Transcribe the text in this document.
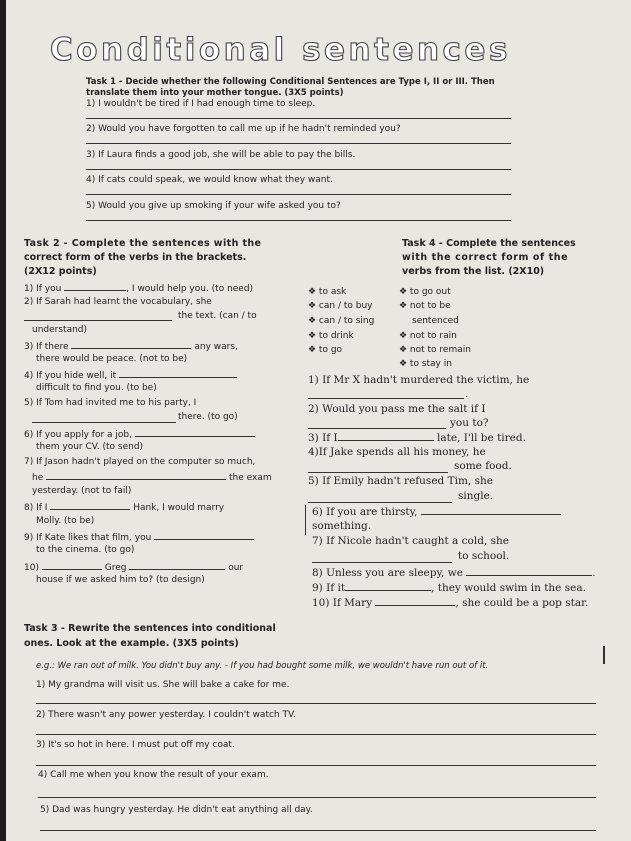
Conditional sentences
Task 1 - Decide whether the following Conditional Sentences are Type I, II or III. Then
translate them into your mother tongue. (3X5 points)
1) I wouldn't be tired if I had enough time to sleep.
2) Would you have forgotten to call me up if he hadn't reminded you?
3) If Laura finds a good job, she will be able to pay the bills.
4) If cats could speak, we would know what they want.
5) Would you give up smoking if your wife asked you to?
Task 2 - Complete the sentences with the
correct form of the verbs in the brackets.
(2X12 points)
1) If you	, I would help you. (to need)
2) If Sarah had learnt the vocabulary, she
the text. (can / to
understand)
3) If there	any wars,
there would be peace. (not to be)
4) If you hide well, it
difficult to find you. (to be)
5) If Tom had invited me to his party, I
there. (to go)
6) If you apply for a job,
them your CV. (to send)
7) If Jason hadn't played on the computer so much,
he	the exam
yesterday. (not to fail)
8) If I	Hank, I would marry
Molly. (to be)
9) If Kate likes that film, you
to the cinema. (to go)
10)	Greg	our
house if we asked him to? (to design)
Task 4 - Complete the sentences
with the correct form of the
verbs from the list. (2X10)
❖ to ask
❖ can / to buy
❖ can / to sing
❖ to drink
❖ to go
❖ to go out
❖ not to be
sentenced
❖ not to rain
❖ not to remain
❖ to stay in
1) If Mr X hadn't murdered the victim, he
.
2) Would you pass me the salt if I
you to?
3) If I	late, I'll be tired.
4)If Jake spends all his money, he
some food.
5) If Emily hadn't refused Tim, she
single.
6) If you are thirsty,
something.
7) If Nicole hadn't caught a cold, she
to school.
8) Unless you are sleepy, we	.
9) If it	, they would swim in the sea.
10) If Mary	, she could be a pop star.
Task 3 - Rewrite the sentences into conditional
ones. Look at the example. (3X5 points)
e.g.: We ran out of milk. You didn't buy any. - If you had bought some milk, we wouldn't have run out of it.
1) My grandma will visit us. She will bake a cake for me.
2) There wasn't any power yesterday. I couldn't watch TV.
3) It's so hot in here. I must put off my coat.
4) Call me when you know the result of your exam.
5) Dad was hungry yesterday. He didn't eat anything all day.
